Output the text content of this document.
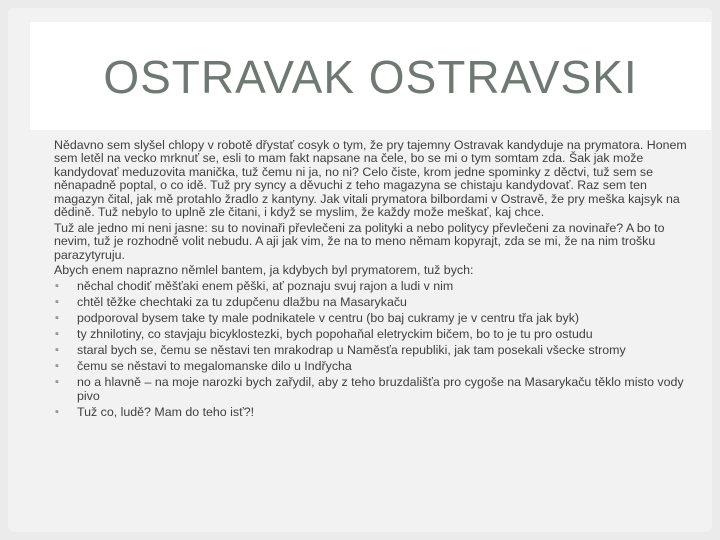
OSTRAVAK OSTRAVSKI

Nědavno sem slyšel chlopy v robotě dřystať cosyk o tym, že pry tajemny Ostravak kandyduje na prymatora. Honem sem letěl na vecko mrknuť se, esli to mam fakt napsane na čele, bo se mi o tym somtam zda. Šak jak može kandydovať meduzovita manička, tuž čemu ni ja, no ni? Celo čiste, krom jedne spominky z děctvi, tuž sem se něnapadně poptal, o co idě. Tuž pry syncy a děvuchi z teho magazyna se chistaju kandydovať. Raz sem ten magazyn čital, jak mě protahlo žradlo z kantyny. Jak vitali prymatora bilbordami v Ostravě, že pry meška kajsyk na dědině. Tuž nebylo to uplně zle čitani, i když se myslim, že každy može meškať, kaj chce.

Tuž ale jedno mi neni jasne: su to novinaři převlečeni za polityki a nebo politycy převlečeni za novinaře? A bo to nevim, tuž je rozhodně volit nebudu. A aji jak vim, že na to meno němam kopyrajt, zda se mi, že na nim trošku parazytyruju.

Abych enem naprazno němlel bantem, ja kdybych byl prymatorem, tuž bych:

▪ něchal chodiť měšťaki enem pěški, ať poznaju svuj rajon a ludi v nim
▪ chtěl těžke chechtaki za tu zdupčenu dlažbu na Masarykaču
▪ podporoval bysem take ty male podnikatele v centru (bo baj cukramy je v centru třa jak byk)
▪ ty zhnilotiny, co stavjaju bicyklostezki, bych popohaňal eletryckim bičem, bo to je tu pro ostudu
▪ staral bych se, čemu se něstavi ten mrakodrap u Naměsťa republiki, jak tam posekali všecke stromy
▪ čemu se něstavi to megalomanske dilo u Indřycha
▪ no a hlavně – na moje narozki bych zařydil, aby z teho bruzdališťa pro cygoše na Masarykaču těklo misto vody pivo
▪ Tuž co, ludě? Mam do teho isť?!
